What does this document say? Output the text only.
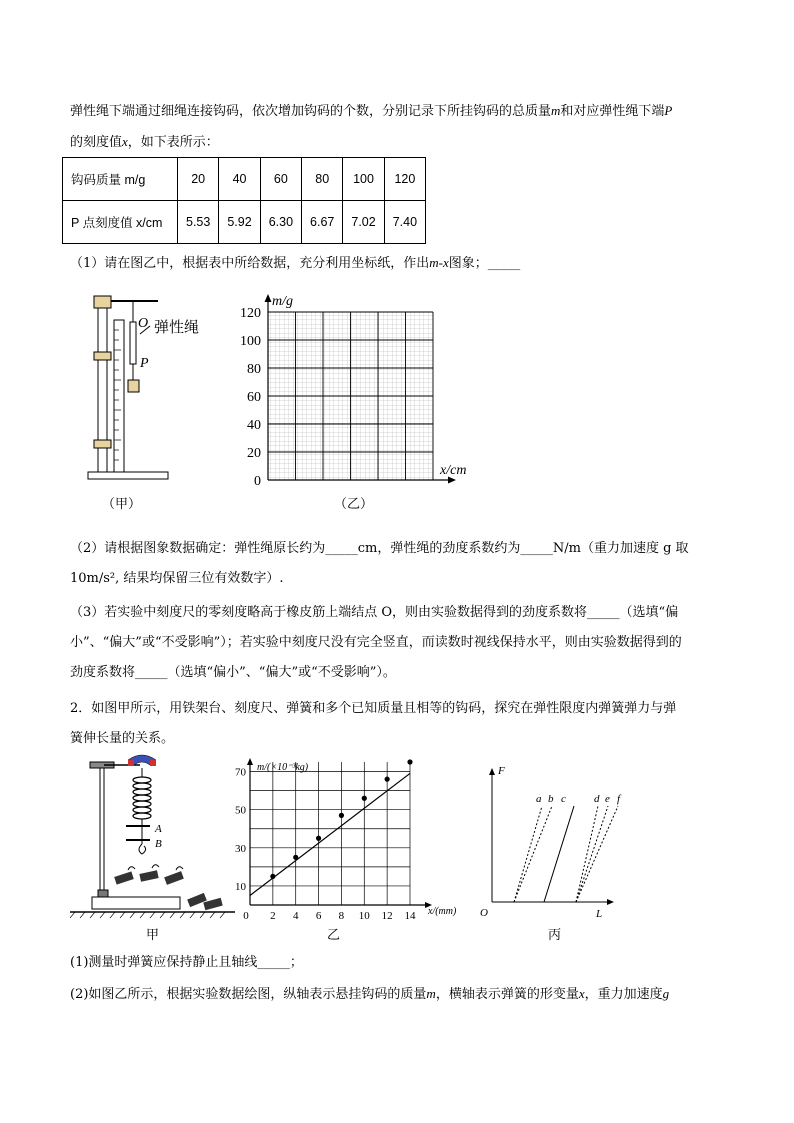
弹性绳下端通过细绳连接钩码，依次增加钩码的个数，分别记录下所挂钩码的总质量m和对应弹性绳下端P
的刻度值x，如下表所示：
钩码质量 m/g	20	40	60	80	100	120
P 点刻度值 x/cm	5.53	5.92	6.30	6.67	7.02	7.40
（1）请在图乙中，根据表中所给数据，充分利用坐标纸，作出m-x图象；_____
O 弹性绳
P
（甲）
m/g
x/cm
0
20
40
60
80
100
120
（乙）
（2）请根据图象数据确定：弹性绳原长约为_____cm，弹性绳的劲度系数约为_____N/m（重力加速度 g 取
10m/s², 结果均保留三位有效数字）.
（3）若实验中刻度尺的零刻度略高于橡皮筋上端结点 O，则由实验数据得到的劲度系数将_____（选填“偏
小”、“偏大”或“不受影响”）；若实验中刻度尺没有完全竖直，而读数时视线保持水平，则由实验数据得到的
劲度系数将_____（选填“偏小”、“偏大”或“不受影响”）。
2．如图甲所示，用铁架台、刻度尺、弹簧和多个已知质量且相等的钩码，探究在弹性限度内弹簧弹力与弹
簧伸长量的关系。
A
B
甲
0 2 4 6 8 10 12 14
10
30
50
70 m/(×10⁻³kg)
x/(mm)
乙
F
O	L
a b c	d e f
丙
(1)测量时弹簧应保持静止且轴线_____；
(2)如图乙所示，根据实验数据绘图，纵轴表示悬挂钩码的质量m，横轴表示弹簧的形变量x，重力加速度g
